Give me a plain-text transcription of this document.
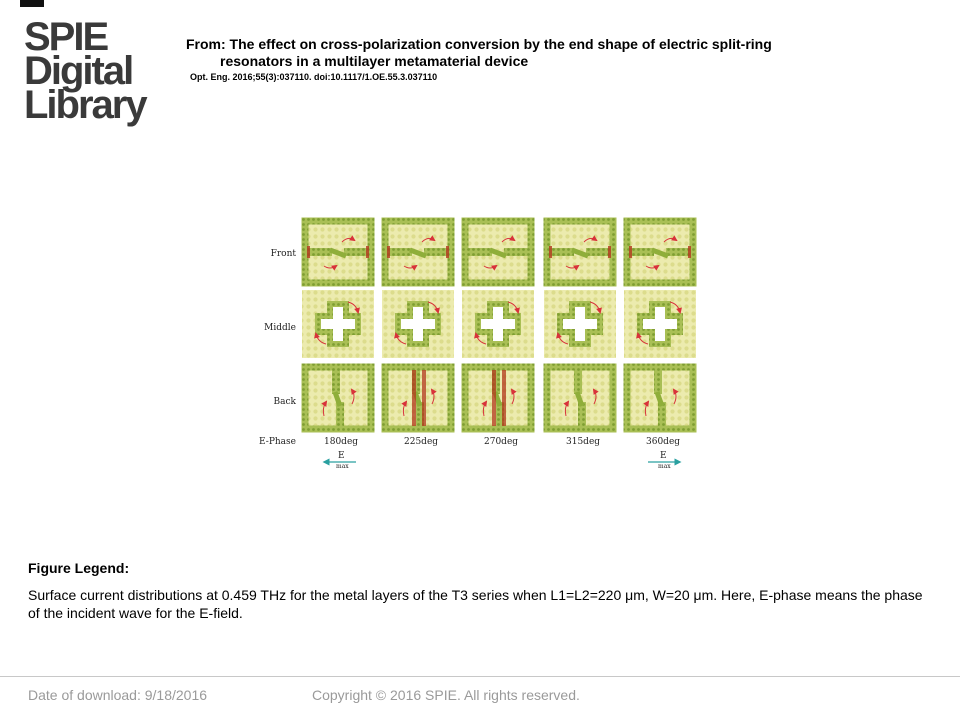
SPIE
Digital
Library
From: The effect on cross-polarization conversion by the end shape of electric split-ring
resonators in a multilayer metamaterial device
Opt. Eng. 2016;55(3):037110. doi:10.1117/1.OE.55.3.037110
Front
Middle
Back
E-Phase	180deg	225deg	270deg	315deg	360deg
E
max
E
max
Figure Legend:
Surface current distributions at 0.459 THz for the metal layers of the T3 series when L1=L2=220 μm, W=20 μm. Here, E-phase means the phase of the incident wave for the E-field.
Date of download: 9/18/2016	Copyright © 2016 SPIE. All rights reserved.
